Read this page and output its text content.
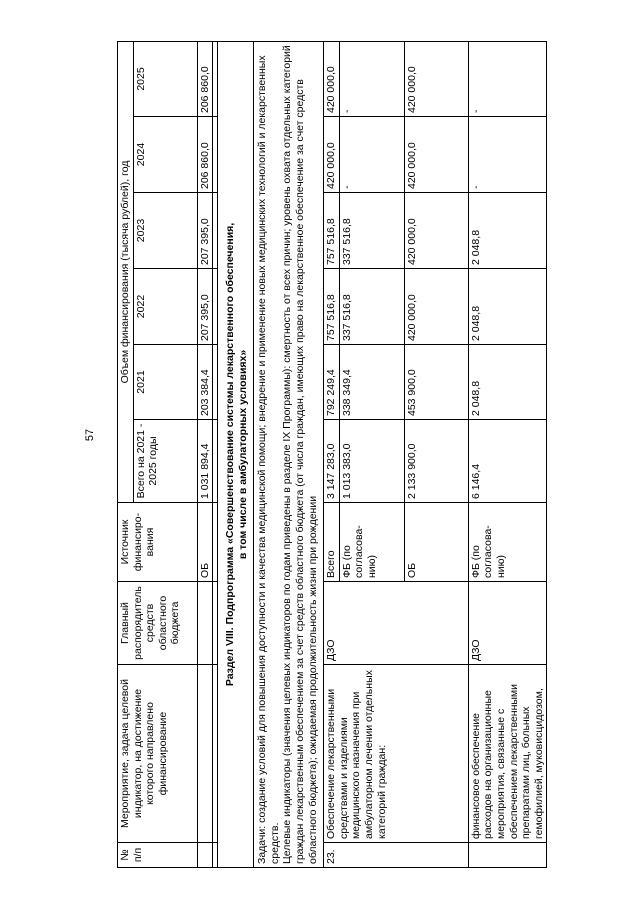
57
№ п/п	Мероприятие, задача целевой индикатор, на достижение которого направлено финансирование	Главный распорядитель средств областного бюджета	Источник финансиро-вания	Объем финансирования (тысяча рублей), год					
				Всего на 2021 - 2025 годы	2021	2022	2023	2024	2025
			ОБ	1 031 894,4	203 384,4	207 395,0	207 395,0	206 860,0	206 860,0

Раздел VIII. Подпрограмма «Совершенствование системы лекарственного обеспечения, в том числе в амбулаторных условиях»									

Задачи: создание условий для повышения доступности и качества медицинской помощи; внедрение и применение новых медицинских технологий и лекарственных средств. Целевые индикаторы (значения целевых индикаторов по годам приведены в разделе IX Программы): смертность от всех причин; уровень охвата отдельных категорий граждан лекарственным обеспечением за счет средств областного бюджета (от числа граждан, имеющих право на лекарственное обеспечение за счет средств областного бюджета); ожидаемая продолжительность жизни при рождении									

23.	Обеспечение лекарственными средствами и изделиями медицинского назначения при амбулаторном лечении отдельных категорий граждан:	ДЗО	Всего	3 147 283,0	792 249,4	757 516,8	757 516,8	420 000,0	420 000,0
			ФБ (по согласова-нию)	1 013 383,0	338 349,4	337 516,8	337 516,8	-	-
			ОБ	2 133 900,0	453 900,0	420 000,0	420 000,0	420 000,0	420 000,0
	финансовое обеспечение расходов на организационные мероприятия, связанные с обеспечением лекарственными препаратами лиц, больных гемофилией, муковисцидозом,	ДЗО	ФБ (по согласова-нию)	6 146,4	2 048,8	2 048,8	2 048,8	-	-
